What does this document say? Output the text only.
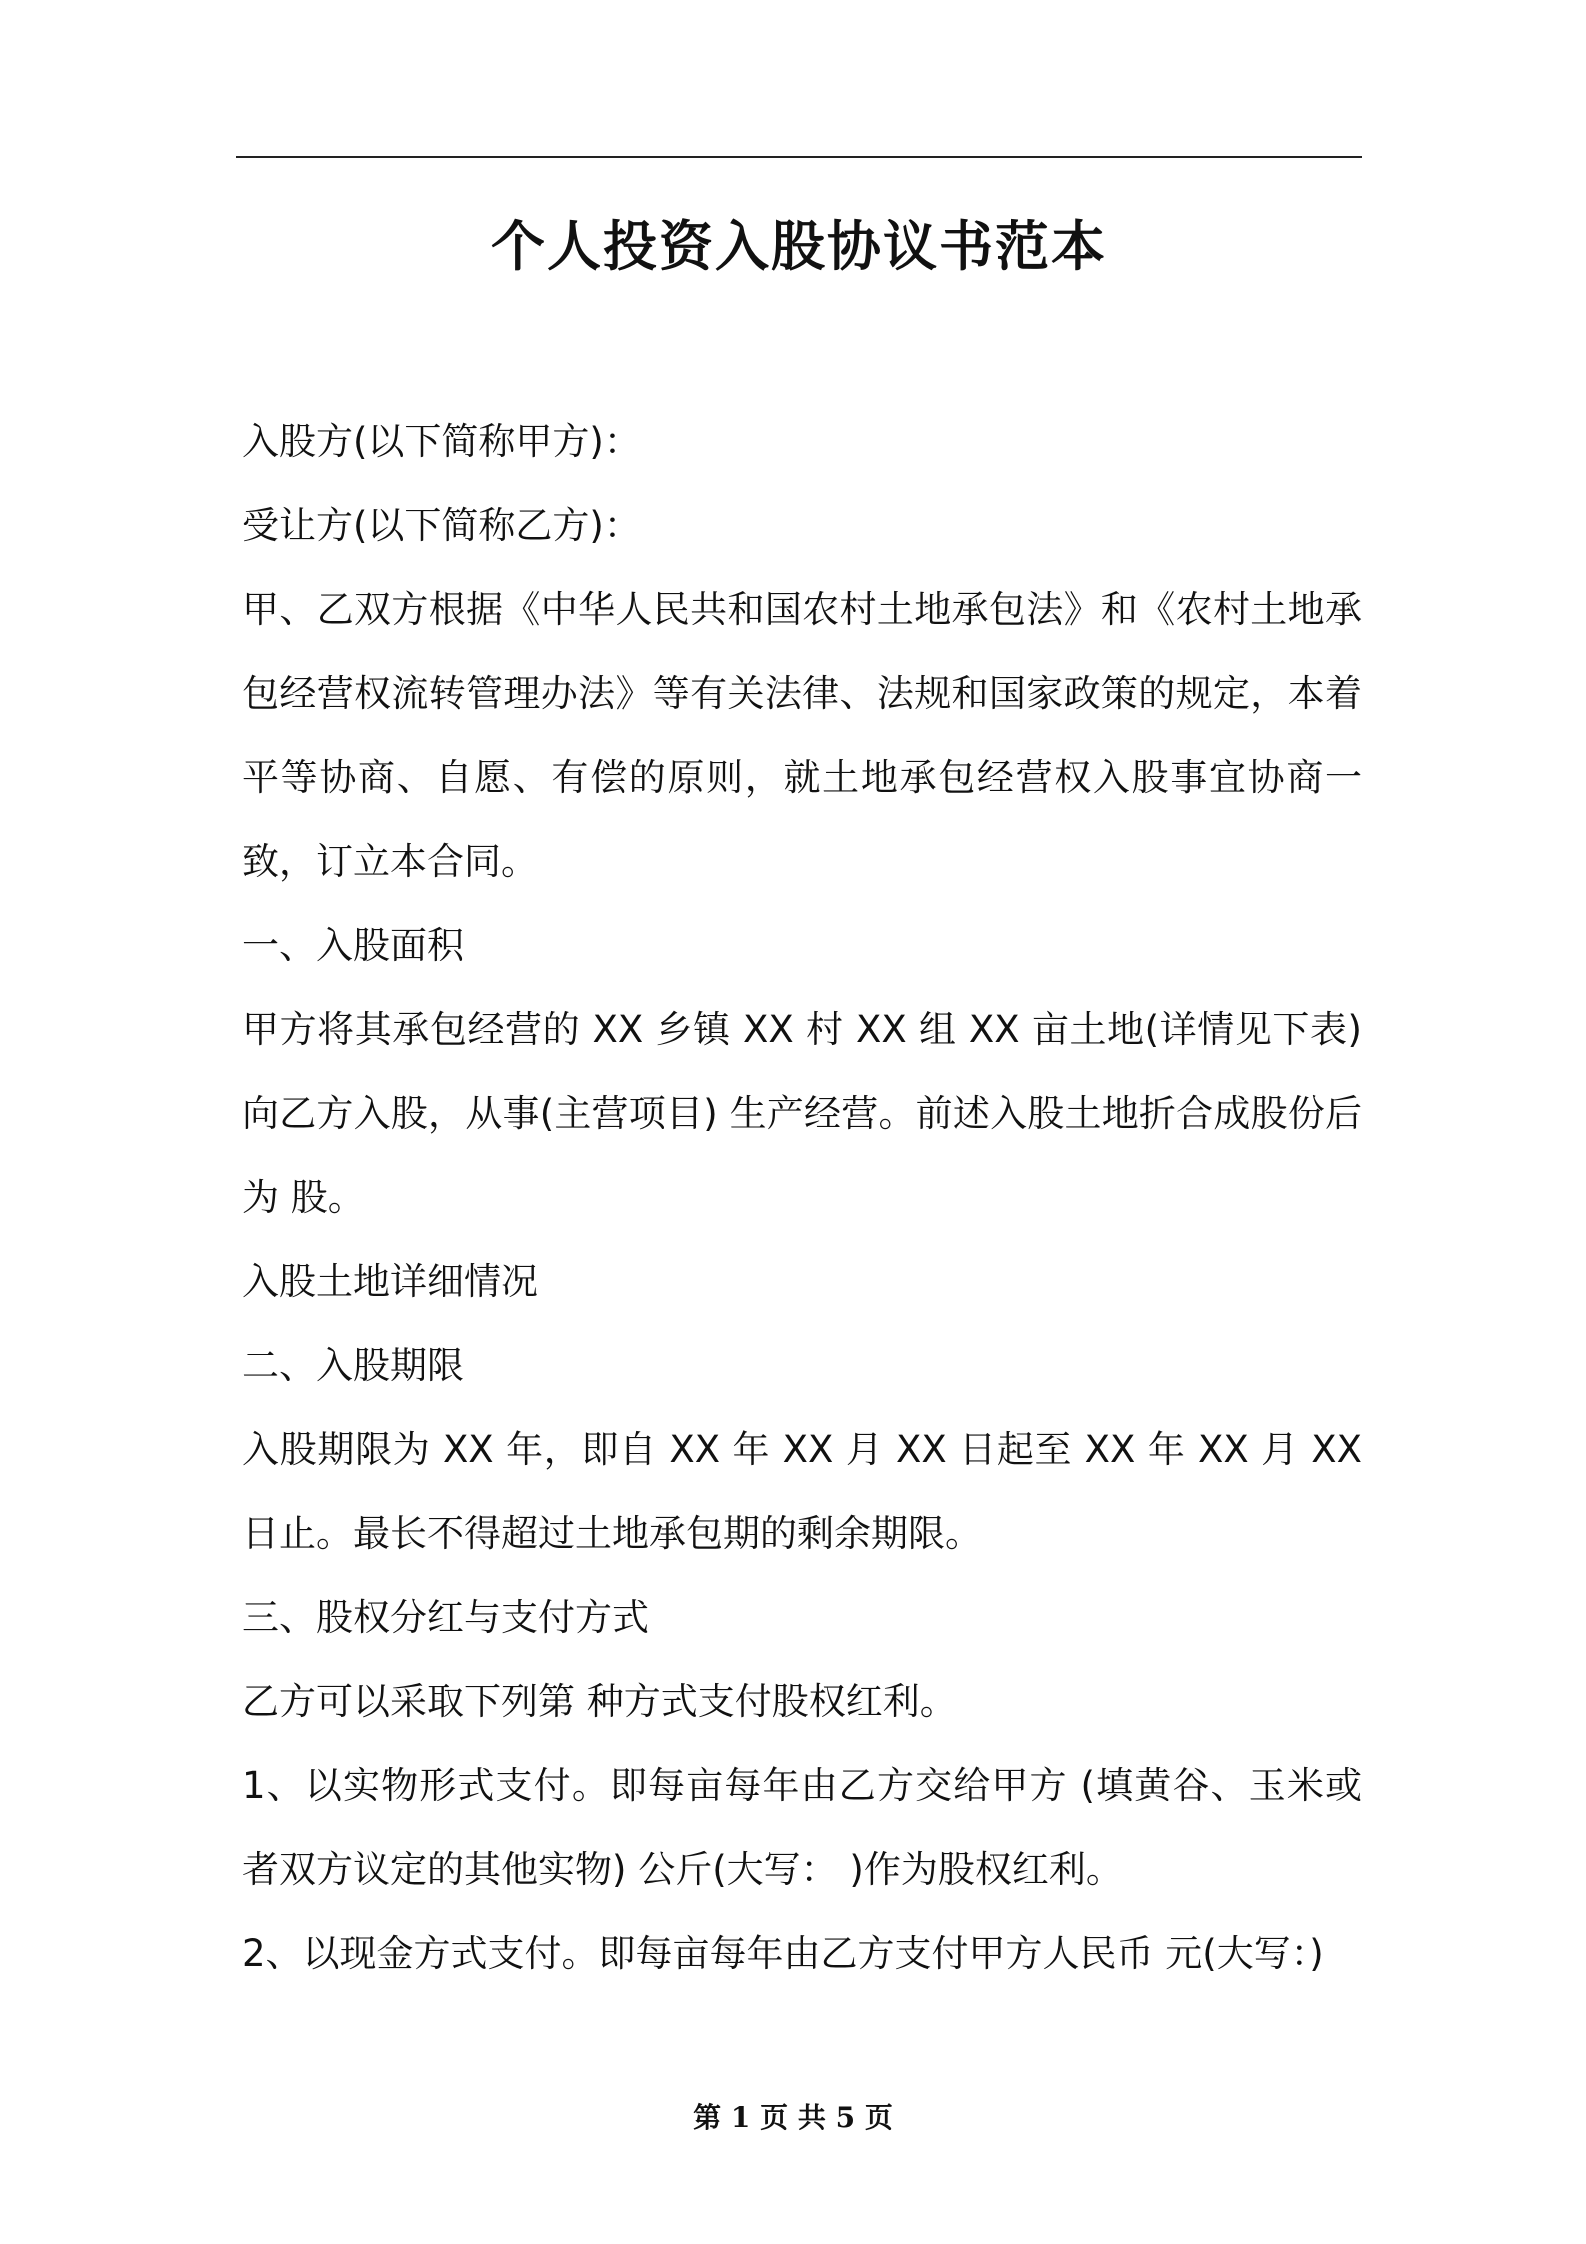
个人投资入股协议书范本

入股方(以下简称甲方)：

受让方(以下简称乙方)：

甲、乙双方根据《中华人民共和国农村土地承包法》和《农村土地承包经营权流转管理办法》等有关法律、法规和国家政策的规定，本着平等协商、自愿、有偿的原则，就土地承包经营权入股事宜协商一致，订立本合同。

一、入股面积

甲方将其承包经营的 XX 乡镇 XX 村 XX 组 XX 亩土地(详情见下表)向乙方入股，从事(主营项目) 生产经营。前述入股土地折合成股份后为 股。

入股土地详细情况

二、入股期限

入股期限为 XX 年，即自 XX 年 XX 月 XX 日起至 XX 年 XX 月 XX 日止。最长不得超过土地承包期的剩余期限。

三、股权分红与支付方式

乙方可以采取下列第 种方式支付股权红利。

1、以实物形式支付。即每亩每年由乙方交给甲方 (填黄谷、玉米或者双方议定的其他实物) 公斤(大写： )作为股权红利。

2、以现金方式支付。即每亩每年由乙方支付甲方人民币 元(大写：)

第 1 页 共 5 页
